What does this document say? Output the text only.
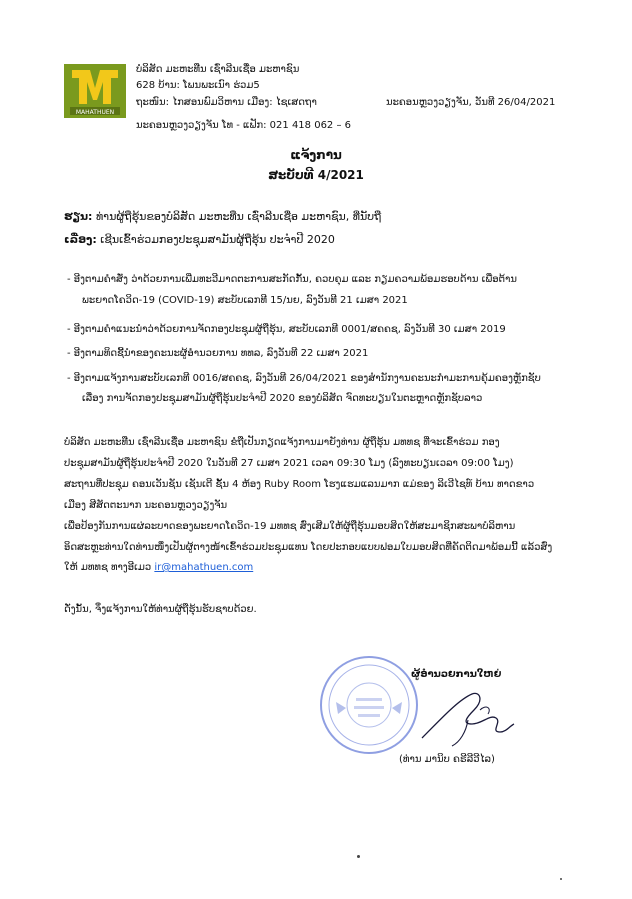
MAHATHUEN
ບໍລິສັດ ມະຫະທືນ ເຊົ່າລີນເຊື່ອ ມະຫາຊົນ
628 ບ້ານ: ໂພນພະເນົາ ຮ່ວມ5
ຖະໜົນ: ໄກສອນພົມວິຫານ ເມືອງ: ໄຊເສດຖາ
ນະຄອນຫຼວງວຽງຈັນ ໂທ - ແຟັກ: 021 418 062 – 6
ນະຄອນຫຼວງວຽງຈັນ, ວັນທີ 26/04/2021
ແຈ້ງການ
ສະບັບທີ 4/2021
ຮຽນ: ທ່ານຜູ້ຖືຮຸ້ນຂອງບໍລິສັດ ມະຫະທືນ ເຊົ່າລີນເຊື່ອ ມະຫາຊົນ, ທີ່ນັບຖື
ເລື່ອງ: ເຊີນເຂົ້າຮ່ວມກອງປະຊຸມສາມັນຜູ້ຖືຮຸ້ນ ປະຈໍາປີ 2020
- ອີງຕາມຄໍາສັ່ງ ວ່າດ້ວຍການເພີ່ມທະວີມາດຕະການສະກັດກັ້ນ, ຄວບຄຸມ ແລະ ກຽມຄວາມພ້ອມຮອບດ້ານ ເພື່ອຕ້ານ
ພະຍາດໂຄວິດ-19 (COVID-19) ສະບັບເລກທີ 15/ນຍ, ລົງວັນທີ 21 ເມສາ 2021
- ອີງຕາມຄໍາແນະນໍາວ່າດ້ວຍການຈັດກອງປະຊຸມຜູ້ຖືຮຸ້ນ, ສະບັບເລກທີ 0001/ສຄຄຊ, ລົງວັນທີ 30 ເມສາ 2019
- ອີງຕາມທິດຊີ້ນໍາຂອງຄະນະຜູ້ອໍານວຍການ ທທລ, ລົງວັນທີ 22 ເມສາ 2021
- ອີງຕາມແຈ້ງການສະບັບເລກທີ 0016/ສຄຄຊ, ລົງວັນທີ 26/04/2021 ຂອງສໍານັກງານຄະນະກໍາມະການຄຸ້ມຄອງຫຼັກຊັບ
ເລື່ອງ ການຈັດກອງປະຊຸມສາມັນຜູ້ຖືຮຸ້ນປະຈໍາປີ 2020 ຂອງບໍລິສັດ ຈົດທະບຽນໃນຕະຫຼາດຫຼັກຊັບລາວ
ບໍລິສັດ ມະຫະທືນ ເຊົ່າລີນເຊື່ອ ມະຫາຊົນ ຂໍຖືເປັນກຽດແຈ້ງການມາຍັງທ່ານ ຜູ້ຖືຮຸ້ນ ມທທຊ ທີ່ຈະເຂົ້າຮ່ວມ ກອງ
ປະຊຸມສາມັນຜູ້ຖືຮຸ້ນປະຈໍາປີ 2020 ໃນວັນທີ 27 ເມສາ 2021 ເວລາ 09:30 ໂມງ (ລົງທະບຽນເວລາ 09:00 ໂມງ)
ສະຖານທີ່ປະຊຸມ ຄອນເວັນຊັນ ເຊັນເຕີ ຊັ້ນ 4 ຫ້ອງ Ruby Room ໂຮງແຮມແລນມາກ ແມ່ຂອງ ລິເວີໄຊທ໌ ບ້ານ ທາດຂາວ
ເມືອງ ສີສັດຕະນາກ ນະຄອນຫຼວງວຽງຈັນ
ເພື່ອປ້ອງກັນການແຜ່ລະບາດຂອງພະຍາດໂຄວິດ-19 ມທທຊ ສົ່ງເສີມໃຫ້ຜູ້ຖືຮຸ້ນມອບສິດໃຫ້ສະມາຊິກສະພາບໍລິຫານ
ອິດສະຫຼະທ່ານໃດທ່ານໜຶ່ງເປັນຜູ້ຕາງໜ້າເຂົ້າຮ່ວມປະຊຸມແທນ ໂດຍປະກອບແບບຟອມໃບມອບສິດທີ່ຄັດຕິດມາພ້ອມນີ້ ແລ້ວສົ່ງ
ໃຫ້ ມທທຊ ທາງອີເມວ ir@mahathuen.com
ດັ່ງນັ້ນ, ຈຶ່ງແຈ້ງການໃຫ້ທ່ານຜູ້ຖືຮຸ້ນຮັບຊາບດ້ວຍ.
ຜູ້ອໍານວຍການໃຫຍ່
(ທ່ານ ມານິບ ຄຣີລີວີໄລ)
